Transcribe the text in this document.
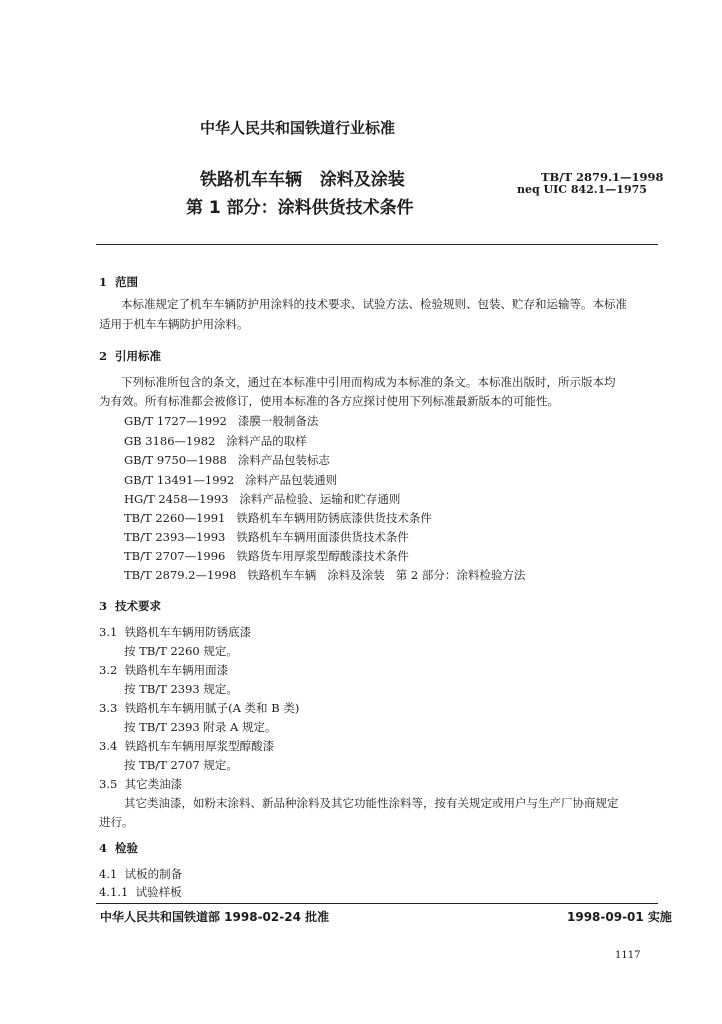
中华人民共和国铁道行业标准
铁路机车车辆   涂料及涂装
第 1 部分：涂料供货技术条件
TB/T 2879.1—1998
neq UIC 842.1—1975
1 范围
本标准规定了机车车辆防护用涂料的技术要求、试验方法、检验规则、包装、贮存和运输等。本标准
适用于机车车辆防护用涂料。
2 引用标准
下列标准所包含的条文，通过在本标准中引用而构成为本标准的条文。本标准出版时，所示版本均
为有效。所有标准都会被修订，使用本标准的各方应探讨使用下列标准最新版本的可能性。
GB/T 1727—1992   漆膜一般制备法
GB 3186—1982   涂料产品的取样
GB/T 9750—1988   涂料产品包装标志
GB/T 13491—1992   涂料产品包装通则
HG/T 2458—1993   涂料产品检验、运输和贮存通则
TB/T 2260—1991   铁路机车车辆用防锈底漆供货技术条件
TB/T 2393—1993   铁路机车车辆用面漆供货技术条件
TB/T 2707—1996   铁路货车用厚浆型醇酸漆技术条件
TB/T 2879.2—1998   铁路机车车辆   涂料及涂装   第 2 部分：涂料检验方法
3 技术要求
3.1 铁路机车车辆用防锈底漆
按 TB/T 2260 规定。
3.2 铁路机车车辆用面漆
按 TB/T 2393 规定。
3.3 铁路机车车辆用腻子(A 类和 B 类)
按 TB/T 2393 附录 A 规定。
3.4 铁路机车车辆用厚浆型醇酸漆
按 TB/T 2707 规定。
3.5 其它类油漆
其它类油漆，如粉末涂料、新品种涂料及其它功能性涂料等，按有关规定或用户与生产厂协商规定
进行。
4 检验
4.1 试板的制备
4.1.1 试验样板
中华人民共和国铁道部 1998-02-24 批准	1998-09-01 实施
1117
